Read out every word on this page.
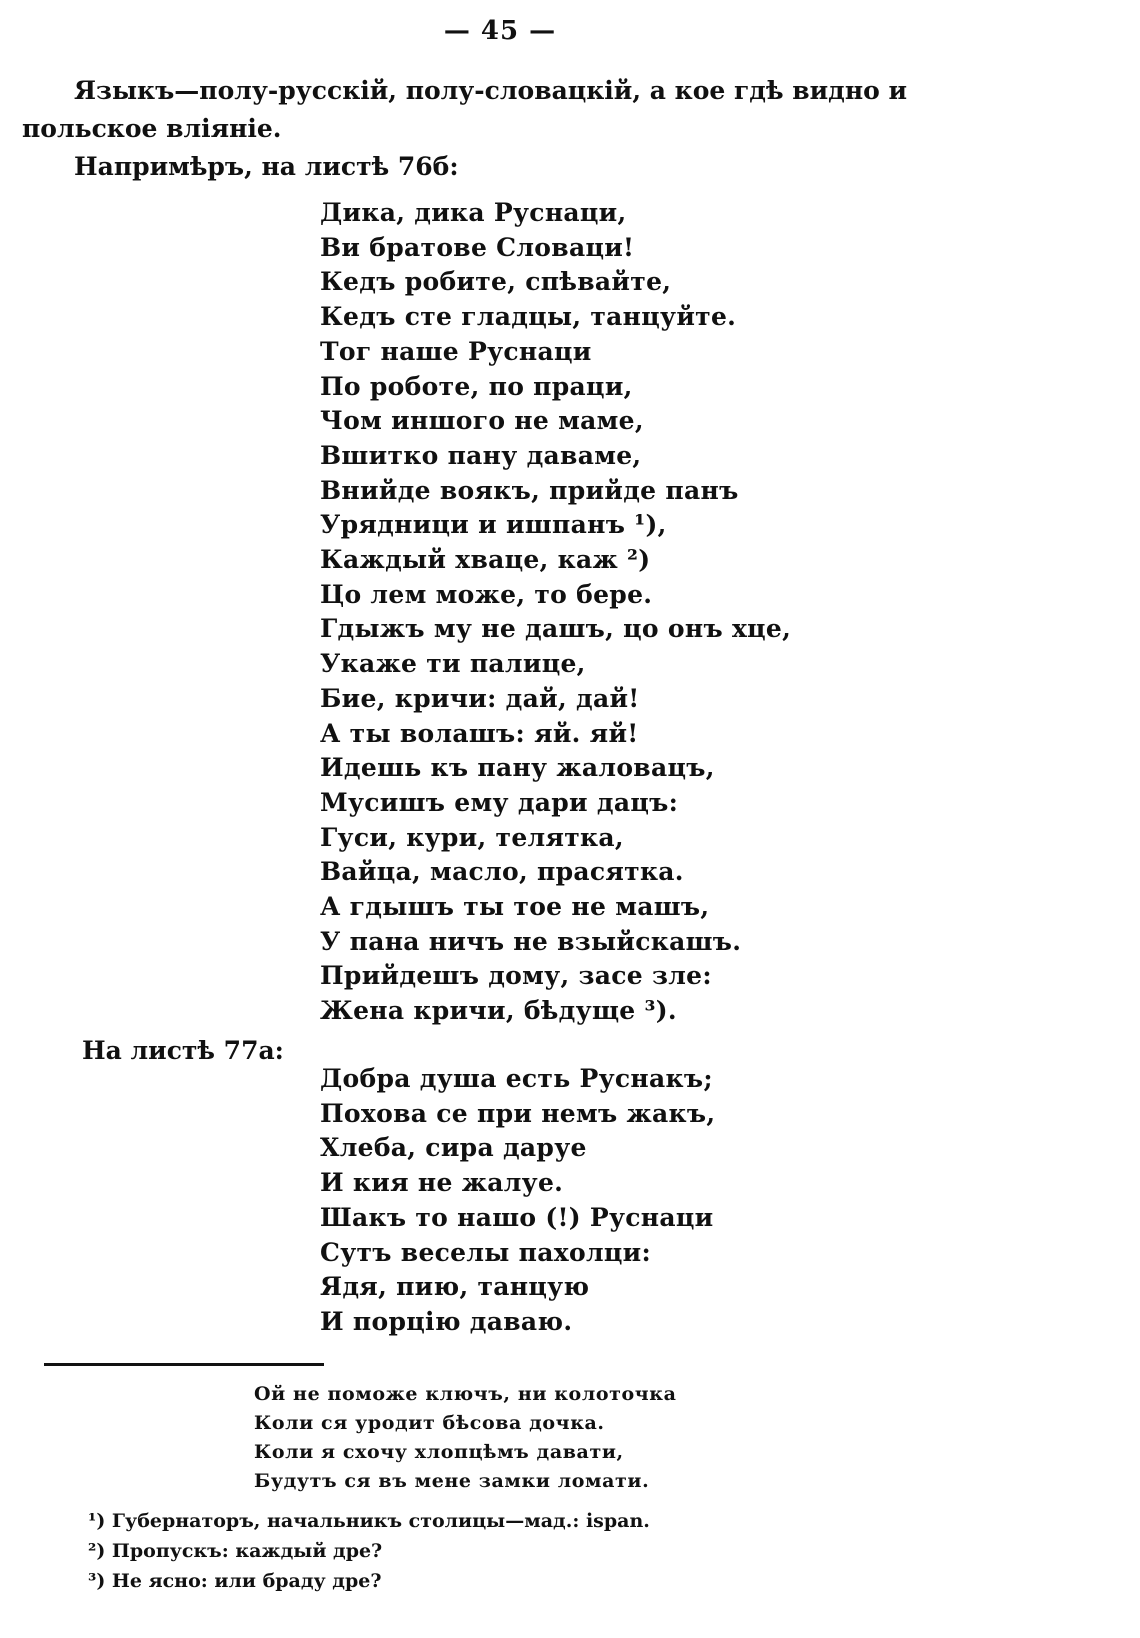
— 45 —
Языкъ—полу-русскій, полу-словацкій, а кое гдѣ видно и польское вліяніе.
Напримѣръ, на листѣ 76б:
Дика, дика Руснаци,
Ви братове Словаци!
Кедъ робите, спѣвайте,
Кедъ сте гладцы, танцуйте.
Тог наше Руснаци
По роботе, по праци,
Чом иншого не маме,
Вшитко пану даваме,
Внийде воякъ, прийде панъ
Урядници и ишпанъ ¹),
Каждый хваце, каж ²)
Цо лем може, то бере.
Гдыжъ му не дашъ, цо онъ хце,
Укаже ти палице,
Бие, кричи: дай, дай!
А ты волашъ: яй. яй!
Идешь къ пану жаловацъ,
Мусишъ ему дари дацъ:
Гуси, кури, телятка,
Вайца, масло, прасятка.
А гдышъ ты тое не машъ,
У пана ничъ не взыйскашъ.
Прийдешъ дому, засе зле:
Жена кричи, бѣдуще ³).
На листѣ 77а:
Добра душа есть Руснакъ;
Похова се при немъ жакъ,
Хлеба, сира даруе
И кия не жалуе.
Шакъ то нашо (!) Руснаци
Сутъ веселы пахолци:
Ядя, пию, танцую
И порцію даваю.
Ой не поможе ключъ, ни колоточка
Коли ся уродит бѣсова дочка.
Коли я схочу хлопцѣмъ давати,
Будутъ ся въ мене замки ломати.
¹) Губернаторъ, начальникъ столицы—мад.: ispan.
²) Пропускъ: каждый дре?
³) Не ясно: или браду дре?
